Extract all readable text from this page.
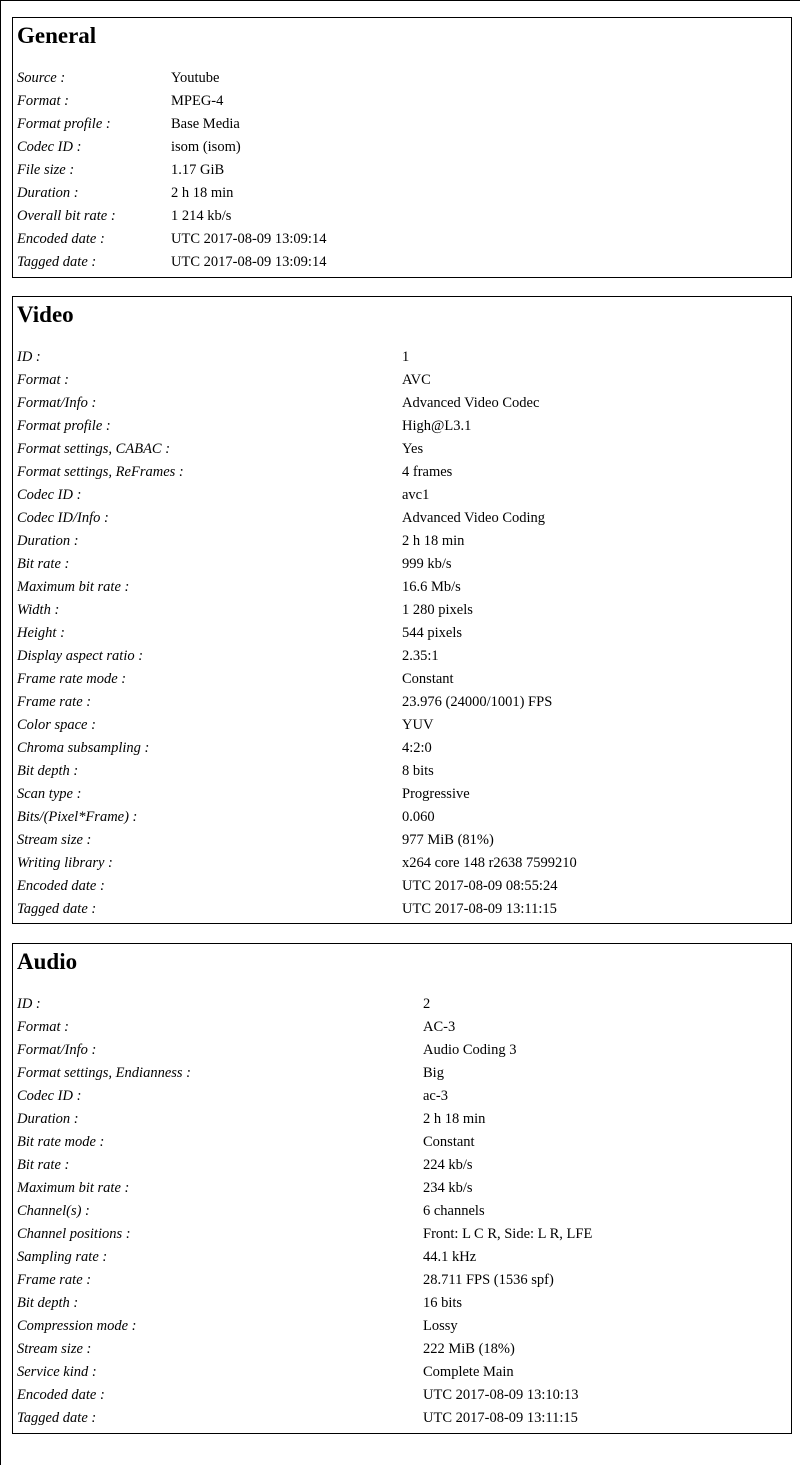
General
Source :	Youtube
Format :	MPEG-4
Format profile :	Base Media
Codec ID :	isom (isom)
File size :	1.17 GiB
Duration :	2 h 18 min
Overall bit rate :	1 214 kb/s
Encoded date :	UTC 2017-08-09 13:09:14
Tagged date :	UTC 2017-08-09 13:09:14
Video
ID :	1
Format :	AVC
Format/Info :	Advanced Video Codec
Format profile :	High@L3.1
Format settings, CABAC :	Yes
Format settings, ReFrames :	4 frames
Codec ID :	avc1
Codec ID/Info :	Advanced Video Coding
Duration :	2 h 18 min
Bit rate :	999 kb/s
Maximum bit rate :	16.6 Mb/s
Width :	1 280 pixels
Height :	544 pixels
Display aspect ratio :	2.35:1
Frame rate mode :	Constant
Frame rate :	23.976 (24000/1001) FPS
Color space :	YUV
Chroma subsampling :	4:2:0
Bit depth :	8 bits
Scan type :	Progressive
Bits/(Pixel*Frame) :	0.060
Stream size :	977 MiB (81%)
Writing library :	x264 core 148 r2638 7599210
Encoded date :	UTC 2017-08-09 08:55:24
Tagged date :	UTC 2017-08-09 13:11:15
Audio
ID :	2
Format :	AC-3
Format/Info :	Audio Coding 3
Format settings, Endianness :	Big
Codec ID :	ac-3
Duration :	2 h 18 min
Bit rate mode :	Constant
Bit rate :	224 kb/s
Maximum bit rate :	234 kb/s
Channel(s) :	6 channels
Channel positions :	Front: L C R, Side: L R, LFE
Sampling rate :	44.1 kHz
Frame rate :	28.711 FPS (1536 spf)
Bit depth :	16 bits
Compression mode :	Lossy
Stream size :	222 MiB (18%)
Service kind :	Complete Main
Encoded date :	UTC 2017-08-09 13:10:13
Tagged date :	UTC 2017-08-09 13:11:15
